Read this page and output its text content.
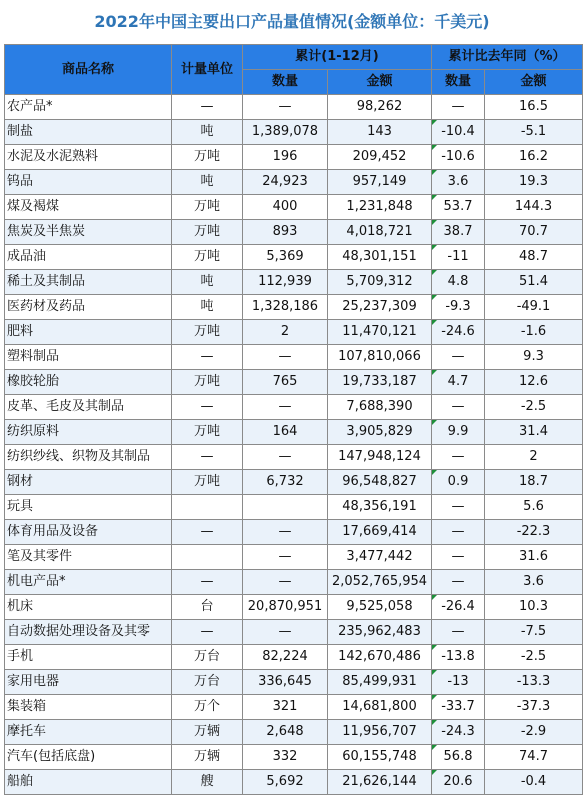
2022年中国主要出口产品量值情况(金额单位：千美元)
商品名称	计量单位	累计(1-12月)		累计比去年同（%）	
		数量	金额	数量	金额
农产品*	—	—	98,262	—	16.5
制盐	吨	1,389,078	143	-10.4	-5.1
水泥及水泥熟料	万吨	196	209,452	-10.6	16.2
钨品	吨	24,923	957,149	3.6	19.3
煤及褐煤	万吨	400	1,231,848	53.7	144.3
焦炭及半焦炭	万吨	893	4,018,721	38.7	70.7
成品油	万吨	5,369	48,301,151	-11	48.7
稀土及其制品	吨	112,939	5,709,312	4.8	51.4
医药材及药品	吨	1,328,186	25,237,309	-9.3	-49.1
肥料	万吨	2	11,470,121	-24.6	-1.6
塑料制品	—	—	107,810,066	—	9.3
橡胶轮胎	万吨	765	19,733,187	4.7	12.6
皮革、毛皮及其制品	—	—	7,688,390	—	-2.5
纺织原料	万吨	164	3,905,829	9.9	31.4
纺织纱线、织物及其制品	—	—	147,948,124	—	2
钢材	万吨	6,732	96,548,827	0.9	18.7
玩具			48,356,191	—	5.6
体育用品及设备	—	—	17,669,414	—	-22.3
笔及其零件		—	3,477,442	—	31.6
机电产品*	—	—	2,052,765,954	—	3.6
机床	台	20,870,951	9,525,058	-26.4	10.3
自动数据处理设备及其零	—	—	235,962,483	—	-7.5
手机	万台	82,224	142,670,486	-13.8	-2.5
家用电器	万台	336,645	85,499,931	-13	-13.3
集装箱	万个	321	14,681,800	-33.7	-37.3
摩托车	万辆	2,648	11,956,707	-24.3	-2.9
汽车(包括底盘)	万辆	332	60,155,748	56.8	74.7
船舶	艘	5,692	21,626,144	20.6	-0.4
